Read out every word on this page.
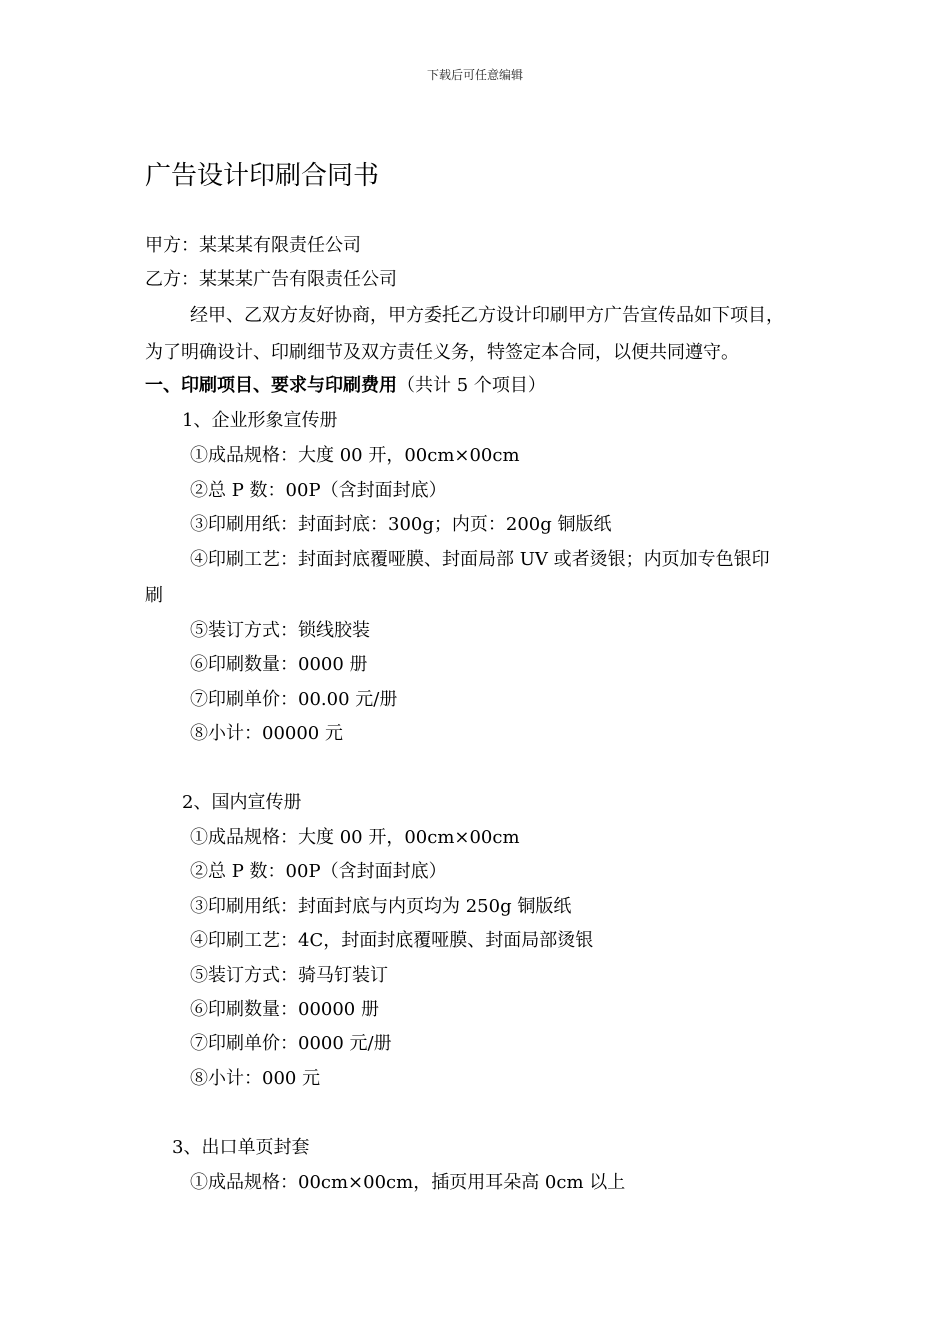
下载后可任意编辑
广告设计印刷合同书
甲方：某某某有限责任公司
乙方：某某某广告有限责任公司
经甲、乙双方友好协商，甲方委托乙方设计印刷甲方广告宣传品如下项目，
为了明确设计、印刷细节及双方责任义务，特签定本合同，以便共同遵守。
一、印刷项目、要求与印刷费用（共计 5 个项目）
1、企业形象宣传册
①成品规格：大度 00 开，00cm×00cm
②总 P 数：00P（含封面封底）
③印刷用纸：封面封底：300g；内页：200g 铜版纸
④印刷工艺：封面封底覆哑膜、封面局部 UV 或者烫银；内页加专色银印
刷
⑤装订方式：锁线胶装
⑥印刷数量：0000 册
⑦印刷单价：00.00 元/册
⑧小计：00000 元
2、国内宣传册
①成品规格：大度 00 开，00cm×00cm
②总 P 数：00P（含封面封底）
③印刷用纸：封面封底与内页均为 250g 铜版纸
④印刷工艺：4C，封面封底覆哑膜、封面局部烫银
⑤装订方式：骑马钉装订
⑥印刷数量：00000 册
⑦印刷单价：0000 元/册
⑧小计：000 元
3、出口单页封套
①成品规格：00cm×00cm，插页用耳朵高 0cm 以上
